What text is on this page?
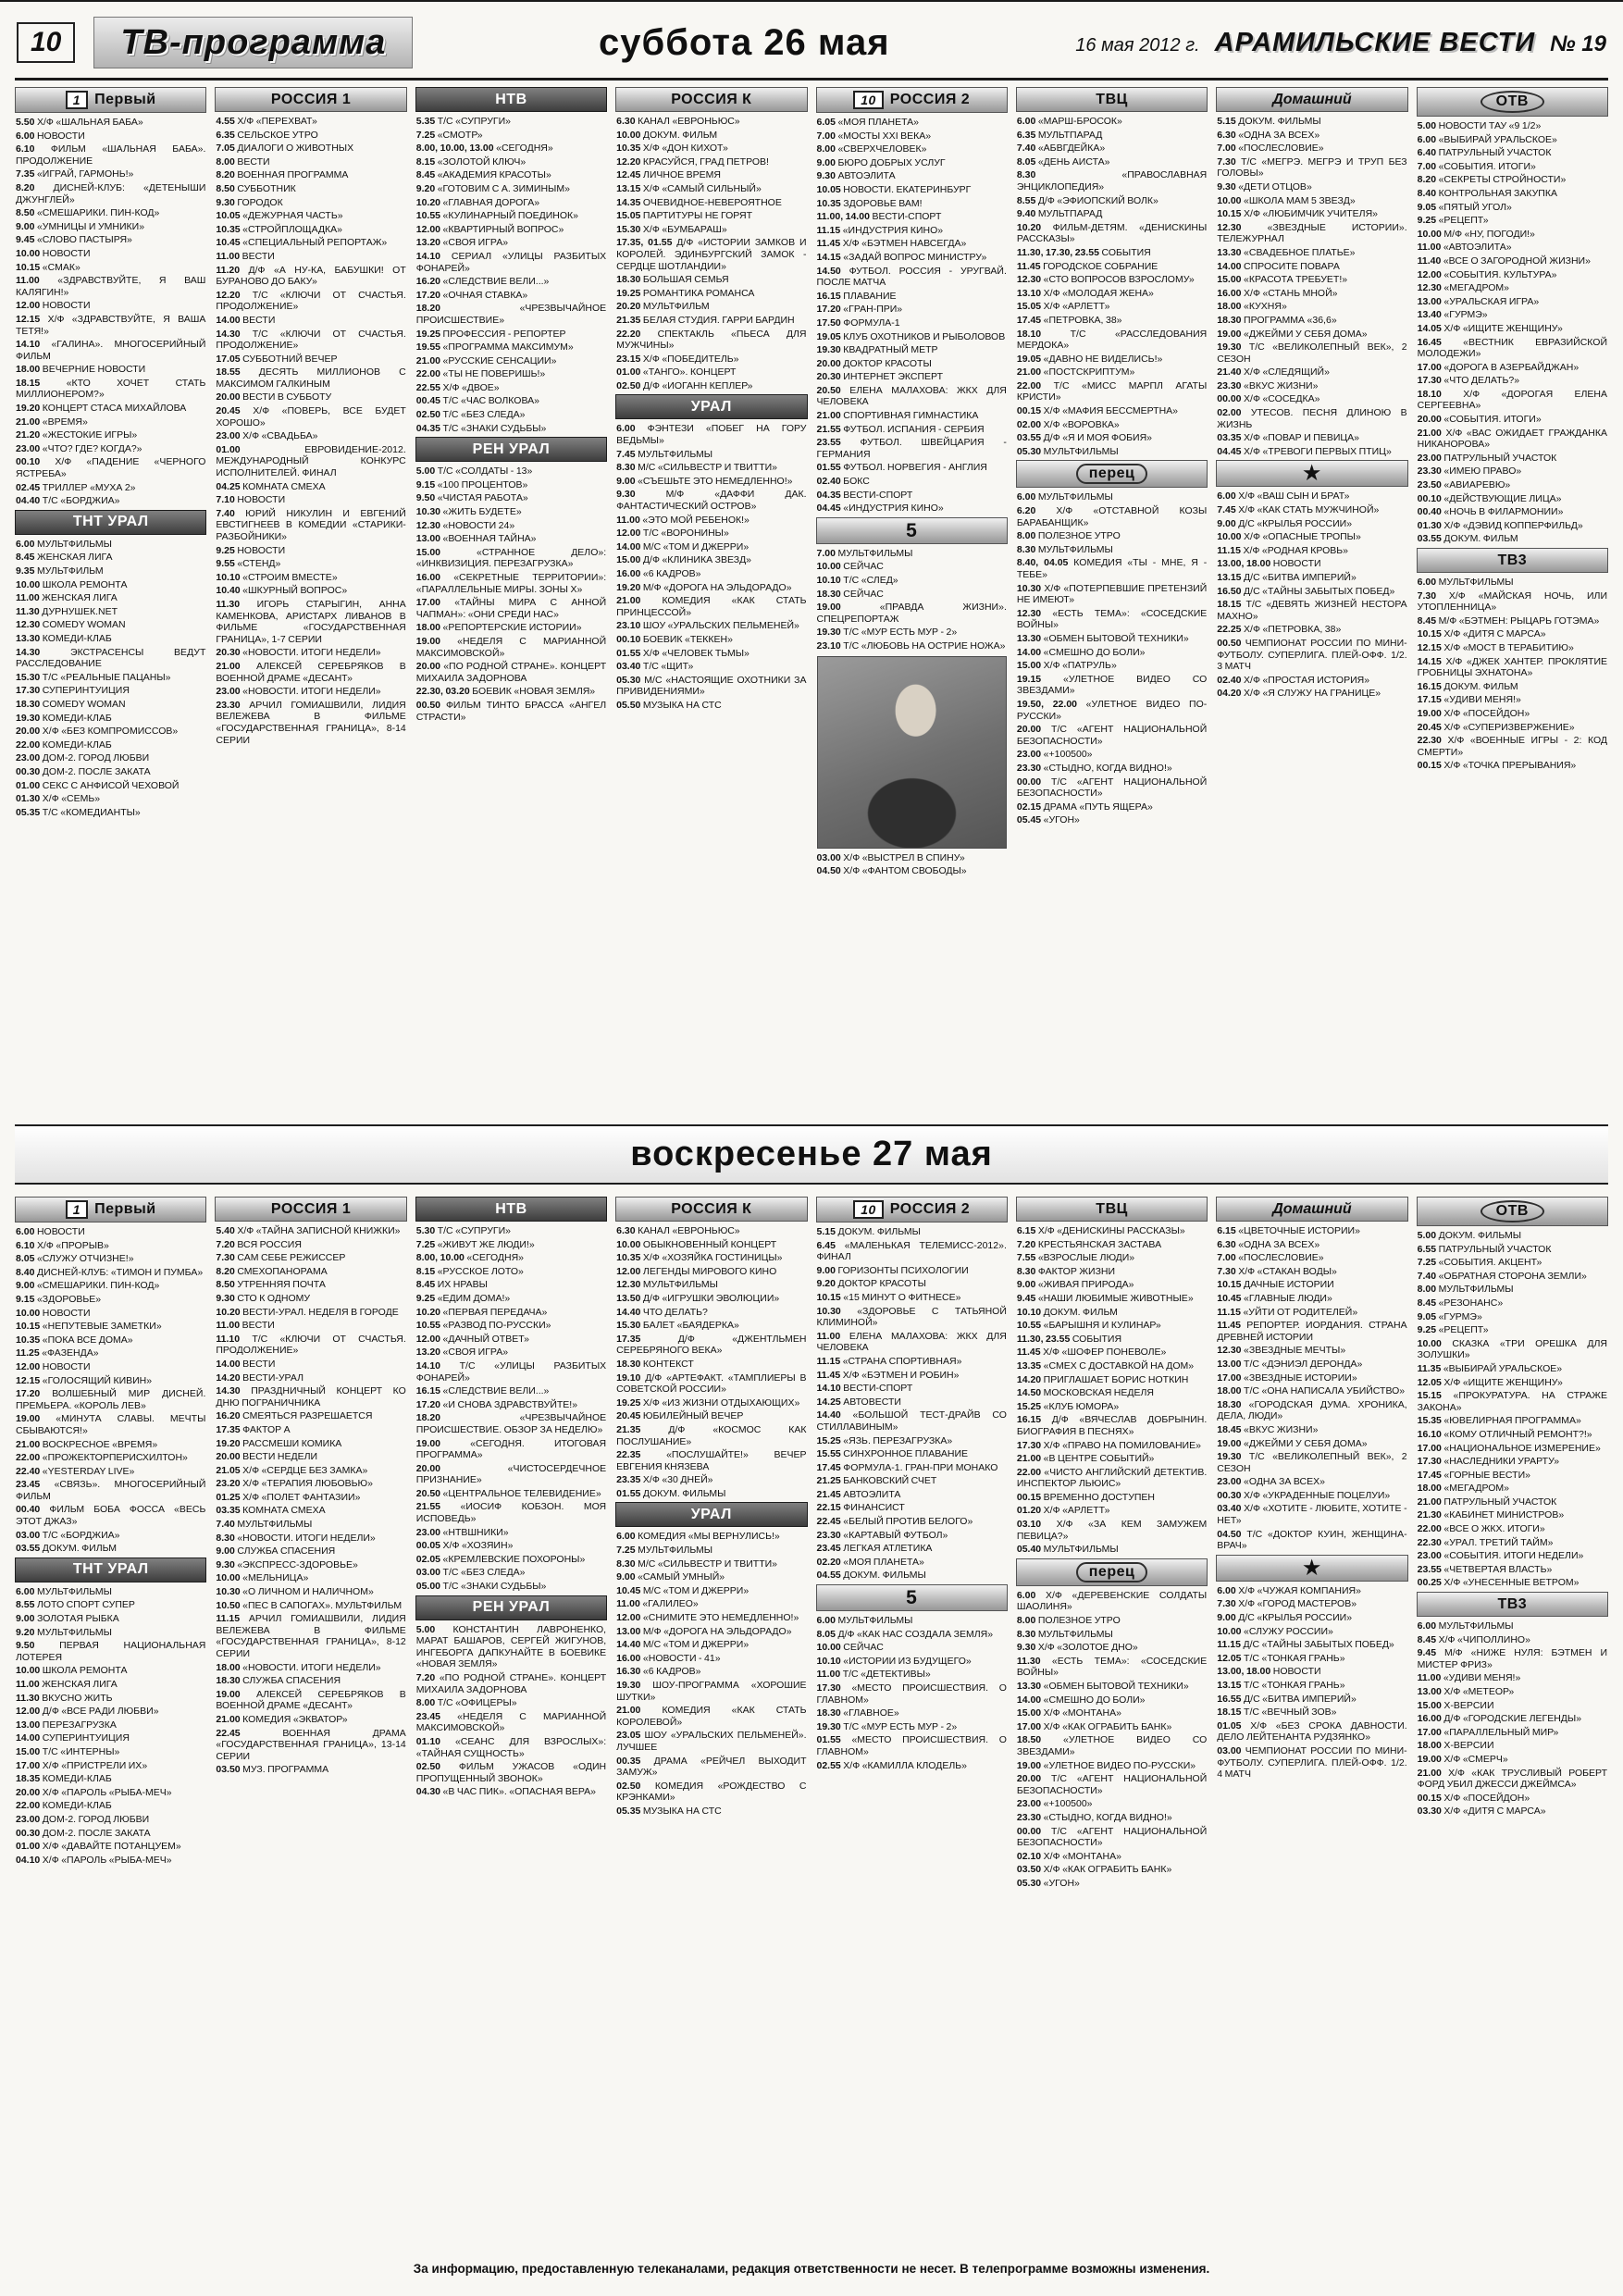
10	ТВ-программа	суббота 26 мая	16 мая 2012 г. АРАМИЛЬСКИЕ ВЕСТИ № 19
1 Первый
5.50 Х/Ф «ШАЛЬНАЯ БАБА»
6.00 НОВОСТИ
6.10 ФИЛЬМ «ШАЛЬНАЯ БАБА». ПРОДОЛЖЕНИЕ
7.35 «ИГРАЙ, ГАРМОНЬ!»
8.20 ДИСНЕЙ-КЛУБ: «ДЕТЕНЫШИ ДЖУНГЛЕЙ»
8.50 «СМЕШАРИКИ. ПИН-КОД»
9.00 «УМНИЦЫ И УМНИКИ»
9.45 «СЛОВО ПАСТЫРЯ»
10.00 НОВОСТИ
10.15 «СМАК»
11.00 «ЗДРАВСТВУЙТЕ, Я ВАШ КАЛЯГИН!»
12.00 НОВОСТИ
12.15 Х/Ф «ЗДРАВСТВУЙТЕ, Я ВАША ТЕТЯ!»
14.10 «ГАЛИНА». МНОГОСЕРИЙНЫЙ ФИЛЬМ
18.00 ВЕЧЕРНИЕ НОВОСТИ
18.15 «КТО ХОЧЕТ СТАТЬ МИЛЛИОНЕРОМ?»
19.20 КОНЦЕРТ СТАСА МИХАЙЛОВА
21.00 «ВРЕМЯ»
21.20 «ЖЕСТОКИЕ ИГРЫ»
23.00 «ЧТО? ГДЕ? КОГДА?»
00.10 Х/Ф «ПАДЕНИЕ «ЧЕРНОГО ЯСТРЕБА»
02.45 ТРИЛЛЕР «МУХА 2»
04.40 Т/С «БОРДЖИА»
ТНТ УРАЛ
6.00 МУЛЬТФИЛЬМЫ
8.45 ЖЕНСКАЯ ЛИГА
9.35 МУЛЬТФИЛЬМ
10.00 ШКОЛА РЕМОНТА
11.00 ЖЕНСКАЯ ЛИГА
11.30 ДУРНУШЕК.NET
12.30 COMEDY WOMAN
13.30 КОМЕДИ-КЛАБ
14.30 ЭКСТРАСЕНСЫ ВЕДУТ РАССЛЕДОВАНИЕ
15.30 Т/С «РЕАЛЬНЫЕ ПАЦАНЫ»
17.30 СУПЕРИНТУИЦИЯ
18.30 COMEDY WOMAN
19.30 КОМЕДИ-КЛАБ
20.00 Х/Ф «БЕЗ КОМПРОМИССОВ»
22.00 КОМЕДИ-КЛАБ
23.00 ДОМ-2. ГОРОД ЛЮБВИ
00.30 ДОМ-2. ПОСЛЕ ЗАКАТА
01.00 СЕКС С АНФИСОЙ ЧЕХОВОЙ
01.30 Х/Ф «СЕМЬ»
05.35 Т/С «КОМЕДИАНТЫ»
РОССИЯ 1
4.55 Х/Ф «ПЕРЕХВАТ»
6.35 СЕЛЬСКОЕ УТРО
7.05 ДИАЛОГИ О ЖИВОТНЫХ
8.00 ВЕСТИ
8.20 ВОЕННАЯ ПРОГРАММА
8.50 СУББОТНИК
9.30 ГОРОДОК
10.05 «ДЕЖУРНАЯ ЧАСТЬ»
10.35 «СТРОЙПЛОЩАДКА»
10.45 «СПЕЦИАЛЬНЫЙ РЕПОРТАЖ»
11.00 ВЕСТИ
11.20 Д/Ф «А НУ-КА, БАБУШКИ! ОТ БУРАНОВО ДО БАКУ»
12.20 Т/С «КЛЮЧИ ОТ СЧАСТЬЯ. ПРОДОЛЖЕНИЕ»
14.00 ВЕСТИ
14.30 Т/С «КЛЮЧИ ОТ СЧАСТЬЯ. ПРОДОЛЖЕНИЕ»
17.05 СУББОТНИЙ ВЕЧЕР
18.55 ДЕСЯТЬ МИЛЛИОНОВ С МАКСИМОМ ГАЛКИНЫМ
20.00 ВЕСТИ В СУББОТУ
20.45 Х/Ф «ПОВЕРЬ, ВСЕ БУДЕТ ХОРОШО»
23.00 Х/Ф «СВАДЬБА»
01.00 ЕВРОВИДЕНИЕ-2012. МЕЖДУНАРОДНЫЙ КОНКУРС ИСПОЛНИТЕЛЕЙ. ФИНАЛ
04.25 КОМНАТА СМЕХА
7.10 НОВОСТИ
7.40 ЮРИЙ НИКУЛИН И ЕВГЕНИЙ ЕВСТИГНЕЕВ В КОМЕДИИ «СТАРИКИ-РАЗБОЙНИКИ»
9.25 НОВОСТИ
9.55 «СТЕНД»
10.10 «СТРОИМ ВМЕСТЕ»
10.40 «ШКУРНЫЙ ВОПРОС»
11.30 ИГОРЬ СТАРЫГИН, АННА КАМЕНКОВА, АРИСТАРХ ЛИВАНОВ В ФИЛЬМЕ «ГОСУДАРСТВЕННАЯ ГРАНИЦА», 1-7 СЕРИИ
20.30 «НОВОСТИ. ИТОГИ НЕДЕЛИ»
21.00 АЛЕКСЕЙ СЕРЕБРЯКОВ В ВОЕННОЙ ДРАМЕ «ДЕСАНТ»
23.00 «НОВОСТИ. ИТОГИ НЕДЕЛИ»
23.30 АРЧИЛ ГОМИАШВИЛИ, ЛИДИЯ ВЕЛЕЖЕВА В ФИЛЬМЕ «ГОСУДАРСТВЕННАЯ ГРАНИЦА», 8-14 СЕРИИ
НТВ
5.35 Т/С «СУПРУГИ»
7.25 «СМОТР»
8.00, 10.00, 13.00 «СЕГОДНЯ»
8.15 «ЗОЛОТОЙ КЛЮЧ»
8.45 «АКАДЕМИЯ КРАСОТЫ»
9.20 «ГОТОВИМ С А. ЗИМИНЫМ»
10.20 «ГЛАВНАЯ ДОРОГА»
10.55 «КУЛИНАРНЫЙ ПОЕДИНОК»
12.00 «КВАРТИРНЫЙ ВОПРОС»
13.20 «СВОЯ ИГРА»
14.10 СЕРИАЛ «УЛИЦЫ РАЗБИТЫХ ФОНАРЕЙ»
16.20 «СЛЕДСТВИЕ ВЕЛИ...»
17.20 «ОЧНАЯ СТАВКА»
18.20 «ЧРЕЗВЫЧАЙНОЕ ПРОИСШЕСТВИЕ»
19.25 ПРОФЕССИЯ - РЕПОРТЕР
19.55 «ПРОГРАММА МАКСИМУМ»
21.00 «РУССКИЕ СЕНСАЦИИ»
22.00 «ТЫ НЕ ПОВЕРИШЬ!»
22.55 Х/Ф «ДВОЕ»
00.45 Т/С «ЧАС ВОЛКОВА»
02.50 Т/С «БЕЗ СЛЕДА»
04.35 Т/С «ЗНАКИ СУДЬБЫ»
РЕН УРАЛ
5.00 Т/С «СОЛДАТЫ - 13»
9.15 «100 ПРОЦЕНТОВ»
9.50 «ЧИСТАЯ РАБОТА»
10.30 «ЖИТЬ БУДЕТЕ»
12.30 «НОВОСТИ 24»
13.00 «ВОЕННАЯ ТАЙНА»
15.00 «СТРАННОЕ ДЕЛО»: «ИНКВИЗИЦИЯ. ПЕРЕЗАГРУЗКА»
16.00 «СЕКРЕТНЫЕ ТЕРРИТОРИИ»: «ПАРАЛЛЕЛЬНЫЕ МИРЫ. ЗОНЫ Х»
17.00 «ТАЙНЫ МИРА С АННОЙ ЧАПМАН»: «ОНИ СРЕДИ НАС»
18.00 «РЕПОРТЕРСКИЕ ИСТОРИИ»
19.00 «НЕДЕЛЯ С МАРИАННОЙ МАКСИМОВСКОЙ»
20.00 «ПО РОДНОЙ СТРАНЕ». КОНЦЕРТ МИХАИЛА ЗАДОРНОВА
22.30, 03.20 БОЕВИК «НОВАЯ ЗЕМЛЯ»
00.50 ФИЛЬМ ТИНТО БРАССА «АНГЕЛ СТРАСТИ»
РОССИЯ К
6.30 КАНАЛ «ЕВРОНЬЮС»
10.00 ДОКУМ. ФИЛЬМ
10.35 Х/Ф «ДОН КИХОТ»
12.20 КРАСУЙСЯ, ГРАД ПЕТРОВ!
12.45 ЛИЧНОЕ ВРЕМЯ
13.15 Х/Ф «САМЫЙ СИЛЬНЫЙ»
14.35 ОЧЕВИДНОЕ-НЕВЕРОЯТНОЕ
15.05 ПАРТИТУРЫ НЕ ГОРЯТ
15.30 Х/Ф «БУМБАРАШ»
17.35, 01.55 Д/Ф «ИСТОРИИ ЗАМКОВ И КОРОЛЕЙ. ЭДИНБУРГСКИЙ ЗАМОК - СЕРДЦЕ ШОТЛАНДИИ»
18.30 БОЛЬШАЯ СЕМЬЯ
19.25 РОМАНТИКА РОМАНСА
20.20 МУЛЬТФИЛЬМ
21.35 БЕЛАЯ СТУДИЯ. ГАРРИ БАРДИН
22.20 СПЕКТАКЛЬ «ПЬЕСА ДЛЯ МУЖЧИНЫ»
23.15 Х/Ф «ПОБЕДИТЕЛЬ»
01.00 «ТАНГО». КОНЦЕРТ
02.50 Д/Ф «ИОГАНН КЕПЛЕР»
УРАЛ
6.00 ФЭНТЕЗИ «ПОБЕГ НА ГОРУ ВЕДЬМЫ»
7.45 МУЛЬТФИЛЬМЫ
8.30 М/С «СИЛЬВЕСТР И ТВИТТИ»
9.00 «СЪЕШЬТЕ ЭТО НЕМЕДЛЕННО!»
9.30 М/Ф «ДАФФИ ДАК. ФАНТАСТИЧЕСКИЙ ОСТРОВ»
11.00 «ЭТО МОЙ РЕБЕНОК!»
12.00 Т/С «ВОРОНИНЫ»
14.00 М/С «ТОМ И ДЖЕРРИ»
15.00 Д/Ф «КЛИНИКА ЗВЕЗД»
16.00 «6 КАДРОВ»
19.20 М/Ф «ДОРОГА НА ЭЛЬДОРАДО»
21.00 КОМЕДИЯ «КАК СТАТЬ ПРИНЦЕССОЙ»
23.10 ШОУ «УРАЛЬСКИХ ПЕЛЬМЕНЕЙ»
00.10 БОЕВИК «ТЕККЕН»
01.55 Х/Ф «ЧЕЛОВЕК ТЬМЫ»
03.40 Т/С «ЩИТ»
05.30 М/С «НАСТОЯЩИЕ ОХОТНИКИ ЗА ПРИВИДЕНИЯМИ»
05.50 МУЗЫКА НА СТС
10 РОССИЯ 2
6.05 «МОЯ ПЛАНЕТА»
7.00 «МОСТЫ XXI ВЕКА»
8.00 «СВЕРХЧЕЛОВЕК»
9.00 БЮРО ДОБРЫХ УСЛУГ
9.30 АВТОЭЛИТА
10.05 НОВОСТИ. ЕКАТЕРИНБУРГ
10.35 ЗДОРОВЬЕ ВАМ!
11.00, 14.00 ВЕСТИ-СПОРТ
11.15 «ИНДУСТРИЯ КИНО»
11.45 Х/Ф «БЭТМЕН НАВСЕГДА»
14.15 «ЗАДАЙ ВОПРОС МИНИСТРУ»
14.50 ФУТБОЛ. РОССИЯ - УРУГВАЙ. ПОСЛЕ МАТЧА
16.15 ПЛАВАНИЕ
17.20 «ГРАН-ПРИ»
17.50 ФОРМУЛА-1
19.05 КЛУБ ОХОТНИКОВ И РЫБОЛОВОВ
19.30 КВАДРАТНЫЙ МЕТР
20.00 ДОКТОР КРАСОТЫ
20.30 ИНТЕРНЕТ ЭКСПЕРТ
20.50 ЕЛЕНА МАЛАХОВА: ЖКХ ДЛЯ ЧЕЛОВЕКА
21.00 СПОРТИВНАЯ ГИМНАСТИКА
21.55 ФУТБОЛ. ИСПАНИЯ - СЕРБИЯ
23.55 ФУТБОЛ. ШВЕЙЦАРИЯ - ГЕРМАНИЯ
01.55 ФУТБОЛ. НОРВЕГИЯ - АНГЛИЯ
02.40 БОКС
04.35 ВЕСТИ-СПОРТ
04.45 «ИНДУСТРИЯ КИНО»
5
7.00 МУЛЬТФИЛЬМЫ
10.00 СЕЙЧАС
10.10 Т/С «СЛЕД»
18.30 СЕЙЧАС
19.00 «ПРАВДА ЖИЗНИ». СПЕЦРЕПОРТАЖ
19.30 Т/С «МУР ЕСТЬ МУР - 2»
23.10 Т/С «ЛЮБОВЬ НА ОСТРИЕ НОЖА»
03.00 Х/Ф «ВЫСТРЕЛ В СПИНУ»
04.50 Х/Ф «ФАНТОМ СВОБОДЫ»
ТВЦ
6.00 «МАРШ-БРОСОК»
6.35 МУЛЬТПАРАД
7.40 «АБВГДЕЙКА»
8.05 «ДЕНЬ АИСТА»
8.30 «ПРАВОСЛАВНАЯ ЭНЦИКЛОПЕДИЯ»
8.55 Д/Ф «ЭФИОПСКИЙ ВОЛК»
9.40 МУЛЬТПАРАД
10.20 ФИЛЬМ-ДЕТЯМ. «ДЕНИСКИНЫ РАССКАЗЫ»
11.30, 17.30, 23.55 СОБЫТИЯ
11.45 ГОРОДСКОЕ СОБРАНИЕ
12.30 «СТО ВОПРОСОВ ВЗРОСЛОМУ»
13.10 Х/Ф «МОЛОДАЯ ЖЕНА»
15.05 Х/Ф «АРЛЕТТ»
17.45 «ПЕТРОВКА, 38»
18.10 Т/С «РАССЛЕДОВАНИЯ МЕРДОКА»
19.05 «ДАВНО НЕ ВИДЕЛИСЬ!»
21.00 «ПОСТСКРИПТУМ»
22.00 Т/С «МИСС МАРПЛ АГАТЫ КРИСТИ»
00.15 Х/Ф «МАФИЯ БЕССМЕРТНА»
02.00 Х/Ф «ВОРОВКА»
03.55 Д/Ф «Я И МОЯ ФОБИЯ»
05.30 МУЛЬТФИЛЬМЫ
перец
6.00 МУЛЬТФИЛЬМЫ
6.20 Х/Ф «ОТСТАВНОЙ КОЗЫ БАРАБАНЩИК»
8.00 ПОЛЕЗНОЕ УТРО
8.30 МУЛЬТФИЛЬМЫ
8.40, 04.05 КОМЕДИЯ «ТЫ - МНЕ, Я - ТЕБЕ»
10.30 Х/Ф «ПОТЕРПЕВШИЕ ПРЕТЕНЗИЙ НЕ ИМЕЮТ»
12.30 «ЕСТЬ ТЕМА»: «СОСЕДСКИЕ ВОЙНЫ»
13.30 «ОБМЕН БЫТОВОЙ ТЕХНИКИ»
14.00 «СМЕШНО ДО БОЛИ»
15.00 Х/Ф «ПАТРУЛЬ»
19.15 «УЛЕТНОЕ ВИДЕО СО ЗВЕЗДАМИ»
19.50, 22.00 «УЛЕТНОЕ ВИДЕО ПО-РУССКИ»
20.00 Т/С «АГЕНТ НАЦИОНАЛЬНОЙ БЕЗОПАСНОСТИ»
23.00 «+100500»
23.30 «СТЫДНО, КОГДА ВИДНО!»
00.00 Т/С «АГЕНТ НАЦИОНАЛЬНОЙ БЕЗОПАСНОСТИ»
02.15 ДРАМА «ПУТЬ ЯЩЕРА»
05.45 «УГОН»
Домашний
5.15 ДОКУМ. ФИЛЬМЫ
6.30 «ОДНА ЗА ВСЕХ»
7.00 «ПОСЛЕСЛОВИЕ»
7.30 Т/С «МЕГРЭ. МЕГРЭ И ТРУП БЕЗ ГОЛОВЫ»
9.30 «ДЕТИ ОТЦОВ»
10.00 «ШКОЛА МАМ 5 ЗВЕЗД»
10.15 Х/Ф «ЛЮБИМЧИК УЧИТЕЛЯ»
12.30 «ЗВЕЗДНЫЕ ИСТОРИИ». ТЕЛЕЖУРНАЛ
13.30 «СВАДЕБНОЕ ПЛАТЬЕ»
14.00 СПРОСИТЕ ПОВАРА
15.00 «КРАСОТА ТРЕБУЕТ!»
16.00 Х/Ф «СТАНЬ МНОЙ»
18.00 «КУХНЯ»
18.30 ПРОГРАММА «36,6»
19.00 «ДЖЕЙМИ У СЕБЯ ДОМА»
19.30 Т/С «ВЕЛИКОЛЕПНЫЙ ВЕК», 2 СЕЗОН
21.40 Х/Ф «СЛЕДЯЩИЙ»
23.30 «ВКУС ЖИЗНИ»
00.00 Х/Ф «СОСЕДКА»
02.00 УТЕСОВ. ПЕСНЯ ДЛИНОЮ В ЖИЗНЬ
03.35 Х/Ф «ПОВАР И ПЕВИЦА»
04.45 Х/Ф «ТРЕВОГИ ПЕРВЫХ ПТИЦ»
★
6.00 Х/Ф «ВАШ СЫН И БРАТ»
7.45 Х/Ф «КАК СТАТЬ МУЖЧИНОЙ»
9.00 Д/С «КРЫЛЬЯ РОССИИ»
10.00 Х/Ф «ОПАСНЫЕ ТРОПЫ»
11.15 Х/Ф «РОДНАЯ КРОВЬ»
13.00, 18.00 НОВОСТИ
13.15 Д/С «БИТВА ИМПЕРИЙ»
16.50 Д/С «ТАЙНЫ ЗАБЫТЫХ ПОБЕД»
18.15 Т/С «ДЕВЯТЬ ЖИЗНЕЙ НЕСТОРА МАХНО»
22.25 Х/Ф «ПЕТРОВКА, 38»
00.50 ЧЕМПИОНАТ РОССИИ ПО МИНИ-ФУТБОЛУ. СУПЕРЛИГА. ПЛЕЙ-ОФФ. 1/2. 3 МАТЧ
02.40 Х/Ф «ПРОСТАЯ ИСТОРИЯ»
04.20 Х/Ф «Я СЛУЖУ НА ГРАНИЦЕ»
ОТВ
5.00 НОВОСТИ ТАУ «9 1/2»
6.00 «ВЫБИРАЙ УРАЛЬСКОЕ»
6.40 ПАТРУЛЬНЫЙ УЧАСТОК
7.00 «СОБЫТИЯ. ИТОГИ»
8.20 «СЕКРЕТЫ СТРОЙНОСТИ»
8.40 КОНТРОЛЬНАЯ ЗАКУПКА
9.05 «ПЯТЫЙ УГОЛ»
9.25 «РЕЦЕПТ»
10.00 М/Ф «НУ, ПОГОДИ!»
11.00 «АВТОЭЛИТА»
11.40 «ВСЕ О ЗАГОРОДНОЙ ЖИЗНИ»
12.00 «СОБЫТИЯ. КУЛЬТУРА»
12.30 «МЕГАДРОМ»
13.00 «УРАЛЬСКАЯ ИГРА»
13.40 «ГУРМЭ»
14.05 Х/Ф «ИЩИТЕ ЖЕНЩИНУ»
16.45 «ВЕСТНИК ЕВРАЗИЙСКОЙ МОЛОДЕЖИ»
17.00 «ДОРОГА В АЗЕРБАЙДЖАН»
17.30 «ЧТО ДЕЛАТЬ?»
18.10 Х/Ф «ДОРОГАЯ ЕЛЕНА СЕРГЕЕВНА»
20.00 «СОБЫТИЯ. ИТОГИ»
21.00 Х/Ф «ВАС ОЖИДАЕТ ГРАЖДАНКА НИКАНОРОВА»
23.00 ПАТРУЛЬНЫЙ УЧАСТОК
23.30 «ИМЕЮ ПРАВО»
23.50 «АВИАРЕВЮ»
00.10 «ДЕЙСТВУЮЩИЕ ЛИЦА»
00.40 «НОЧЬ В ФИЛАРМОНИИ»
01.30 Х/Ф «ДЭВИД КОППЕРФИЛЬД»
03.55 ДОКУМ. ФИЛЬМ
ТВ3
6.00 МУЛЬТФИЛЬМЫ
7.30 Х/Ф «МАЙСКАЯ НОЧЬ, ИЛИ УТОПЛЕННИЦА»
8.45 М/Ф «БЭТМЕН: РЫЦАРЬ ГОТЭМА»
10.15 Х/Ф «ДИТЯ С МАРСА»
12.15 Х/Ф «МОСТ В ТЕРАБИТИЮ»
14.15 Х/Ф «ДЖЕК ХАНТЕР. ПРОКЛЯТИЕ ГРОБНИЦЫ ЭХНАТОНА»
16.15 ДОКУМ. ФИЛЬМ
17.15 «УДИВИ МЕНЯ!»
19.00 Х/Ф «ПОСЕЙДОН»
20.45 Х/Ф «СУПЕРИЗВЕРЖЕНИЕ»
22.30 Х/Ф «ВОЕННЫЕ ИГРЫ - 2: КОД СМЕРТИ»
00.15 Х/Ф «ТОЧКА ПРЕРЫВАНИЯ»
воскресенье 27 мая
1 Первый
6.00 НОВОСТИ
6.10 Х/Ф «ПРОРЫВ»
8.05 «СЛУЖУ ОТЧИЗНЕ!»
8.40 ДИСНЕЙ-КЛУБ: «ТИМОН И ПУМБА»
9.00 «СМЕШАРИКИ. ПИН-КОД»
9.15 «ЗДОРОВЬЕ»
10.00 НОВОСТИ
10.15 «НЕПУТЕВЫЕ ЗАМЕТКИ»
10.35 «ПОКА ВСЕ ДОМА»
11.25 «ФАЗЕНДА»
12.00 НОВОСТИ
12.15 «ГОЛОСЯЩИЙ КИВИН»
17.20 ВОЛШЕБНЫЙ МИР ДИСНЕЙ. ПРЕМЬЕРА. «КОРОЛЬ ЛЕВ»
19.00 «МИНУТА СЛАВЫ. МЕЧТЫ СБЫВАЮТСЯ!»
21.00 ВОСКРЕСНОЕ «ВРЕМЯ»
22.00 «ПРОЖЕКТОРПЕРИСХИЛТОН»
22.40 «YESTERDAY LIVE»
23.45 «СВЯЗЬ». МНОГОСЕРИЙНЫЙ ФИЛЬМ
00.40 ФИЛЬМ БОБА ФОССА «ВЕСЬ ЭТОТ ДЖАЗ»
03.00 Т/С «БОРДЖИА»
03.55 ДОКУМ. ФИЛЬМ
ТНТ УРАЛ
6.00 МУЛЬТФИЛЬМЫ
8.55 ЛОТО СПОРТ СУПЕР
9.00 ЗОЛОТАЯ РЫБКА
9.20 МУЛЬТФИЛЬМЫ
9.50 ПЕРВАЯ НАЦИОНАЛЬНАЯ ЛОТЕРЕЯ
10.00 ШКОЛА РЕМОНТА
11.00 ЖЕНСКАЯ ЛИГА
11.30 ВКУСНО ЖИТЬ
12.00 Д/Ф «ВСЕ РАДИ ЛЮБВИ»
13.00 ПЕРЕЗАГРУЗКА
14.00 СУПЕРИНТУИЦИЯ
15.00 Т/С «ИНТЕРНЫ»
17.00 Х/Ф «ПРИСТРЕЛИ ИХ»
18.35 КОМЕДИ-КЛАБ
20.00 Х/Ф «ПАРОЛЬ «РЫБА-МЕЧ»
22.00 КОМЕДИ-КЛАБ
23.00 ДОМ-2. ГОРОД ЛЮБВИ
00.30 ДОМ-2. ПОСЛЕ ЗАКАТА
01.00 Х/Ф «ДАВАЙТЕ ПОТАНЦУЕМ»
04.10 Х/Ф «ПАРОЛЬ «РЫБА-МЕЧ»
РОССИЯ 1
5.40 Х/Ф «ТАЙНА ЗАПИСНОЙ КНИЖКИ»
7.20 ВСЯ РОССИЯ
7.30 САМ СЕБЕ РЕЖИССЕР
8.20 СМЕХОПАНОРАМА
8.50 УТРЕННЯЯ ПОЧТА
9.30 СТО К ОДНОМУ
10.20 ВЕСТИ-УРАЛ. НЕДЕЛЯ В ГОРОДЕ
11.00 ВЕСТИ
11.10 Т/С «КЛЮЧИ ОТ СЧАСТЬЯ. ПРОДОЛЖЕНИЕ»
14.00 ВЕСТИ
14.20 ВЕСТИ-УРАЛ
14.30 ПРАЗДНИЧНЫЙ КОНЦЕРТ КО ДНЮ ПОГРАНИЧНИКА
16.20 СМЕЯТЬСЯ РАЗРЕШАЕТСЯ
17.35 ФАКТОР А
19.20 РАССМЕШИ КОМИКА
20.00 ВЕСТИ НЕДЕЛИ
21.05 Х/Ф «СЕРДЦЕ БЕЗ ЗАМКА»
23.20 Х/Ф «ТЕРАПИЯ ЛЮБОВЬЮ»
01.25 Х/Ф «ПОЛЕТ ФАНТАЗИИ»
03.35 КОМНАТА СМЕХА
7.40 МУЛЬТФИЛЬМЫ
8.30 «НОВОСТИ. ИТОГИ НЕДЕЛИ»
9.00 СЛУЖБА СПАСЕНИЯ
9.30 «ЭКСПРЕСС-ЗДОРОВЬЕ»
10.00 «МЕЛЬНИЦА»
10.30 «О ЛИЧНОМ И НАЛИЧНОМ»
10.50 «ПЕС В САПОГАХ». МУЛЬТФИЛЬМ
11.15 АРЧИЛ ГОМИАШВИЛИ, ЛИДИЯ ВЕЛЕЖЕВА В ФИЛЬМЕ «ГОСУДАРСТВЕННАЯ ГРАНИЦА», 8-12 СЕРИИ
18.00 «НОВОСТИ. ИТОГИ НЕДЕЛИ»
18.30 СЛУЖБА СПАСЕНИЯ
19.00 АЛЕКСЕЙ СЕРЕБРЯКОВ В ВОЕННОЙ ДРАМЕ «ДЕСАНТ»
21.00 КОМЕДИЯ «ЭКВАТОР»
22.45 ВОЕННАЯ ДРАМА «ГОСУДАРСТВЕННАЯ ГРАНИЦА», 13-14 СЕРИИ
03.50 МУЗ. ПРОГРАММА
НТВ
5.30 Т/С «СУПРУГИ»
7.25 «ЖИВУТ ЖЕ ЛЮДИ!»
8.00, 10.00 «СЕГОДНЯ»
8.15 «РУССКОЕ ЛОТО»
8.45 ИХ НРАВЫ
9.25 «ЕДИМ ДОМА!»
10.20 «ПЕРВАЯ ПЕРЕДАЧА»
10.55 «РАЗВОД ПО-РУССКИ»
12.00 «ДАЧНЫЙ ОТВЕТ»
13.20 «СВОЯ ИГРА»
14.10 Т/С «УЛИЦЫ РАЗБИТЫХ ФОНАРЕЙ»
16.15 «СЛЕДСТВИЕ ВЕЛИ...»
17.20 «И СНОВА ЗДРАВСТВУЙТЕ!»
18.20 «ЧРЕЗВЫЧАЙНОЕ ПРОИСШЕСТВИЕ. ОБЗОР ЗА НЕДЕЛЮ»
19.00 «СЕГОДНЯ. ИТОГОВАЯ ПРОГРАММА»
20.00 «ЧИСТОСЕРДЕЧНОЕ ПРИЗНАНИЕ»
20.50 «ЦЕНТРАЛЬНОЕ ТЕЛЕВИДЕНИЕ»
21.55 «ИОСИФ КОБЗОН. МОЯ ИСПОВЕДЬ»
23.00 «НТВШНИКИ»
00.05 Х/Ф «ХОЗЯИН»
02.05 «КРЕМЛЕВСКИЕ ПОХОРОНЫ»
03.00 Т/С «БЕЗ СЛЕДА»
05.00 Т/С «ЗНАКИ СУДЬБЫ»
РЕН УРАЛ
5.00 КОНСТАНТИН ЛАВРОНЕНКО, МАРАТ БАШАРОВ, СЕРГЕЙ ЖИГУНОВ, ИНГЕБОРГА ДАПКУНАЙТЕ В БОЕВИКЕ «НОВАЯ ЗЕМЛЯ»
7.20 «ПО РОДНОЙ СТРАНЕ». КОНЦЕРТ МИХАИЛА ЗАДОРНОВА
8.00 Т/С «ОФИЦЕРЫ»
23.45 «НЕДЕЛЯ С МАРИАННОЙ МАКСИМОВСКОЙ»
01.10 «СЕАНС ДЛЯ ВЗРОСЛЫХ»: «ТАЙНАЯ СУЩНОСТЬ»
02.50 ФИЛЬМ УЖАСОВ «ОДИН ПРОПУЩЕННЫЙ ЗВОНОК»
04.30 «В ЧАС ПИК». «ОПАСНАЯ ВЕРА»
РОССИЯ К
6.30 КАНАЛ «ЕВРОНЬЮС»
10.00 ОБЫКНОВЕННЫЙ КОНЦЕРТ
10.35 Х/Ф «ХОЗЯЙКА ГОСТИНИЦЫ»
12.00 ЛЕГЕНДЫ МИРОВОГО КИНО
12.30 МУЛЬТФИЛЬМЫ
13.50 Д/Ф «ИГРУШКИ ЭВОЛЮЦИИ»
14.40 ЧТО ДЕЛАТЬ?
15.30 БАЛЕТ «БАЯДЕРКА»
17.35 Д/Ф «ДЖЕНТЛЬМЕН СЕРЕБРЯНОГО ВЕКА»
18.30 КОНТЕКСТ
19.10 Д/Ф «АРТЕФАКТ. «ТАМПЛИЕРЫ В СОВЕТСКОЙ РОССИИ»
19.25 Х/Ф «ИЗ ЖИЗНИ ОТДЫХАЮЩИХ»
20.45 ЮБИЛЕЙНЫЙ ВЕЧЕР
21.35 Д/Ф «КОСМОС КАК ПОСЛУШАНИЕ»
22.35 «ПОСЛУШАЙТЕ!» ВЕЧЕР ЕВГЕНИЯ КНЯЗЕВА
23.35 Х/Ф «30 ДНЕЙ»
01.55 ДОКУМ. ФИЛЬМЫ
УРАЛ
6.00 КОМЕДИЯ «МЫ ВЕРНУЛИСЬ!»
7.25 МУЛЬТФИЛЬМЫ
8.30 М/С «СИЛЬВЕСТР И ТВИТТИ»
9.00 «САМЫЙ УМНЫЙ»
10.45 М/С «ТОМ И ДЖЕРРИ»
11.00 «ГАЛИЛЕО»
12.00 «СНИМИТЕ ЭТО НЕМЕДЛЕННО!»
13.00 М/Ф «ДОРОГА НА ЭЛЬДОРАДО»
14.40 М/С «ТОМ И ДЖЕРРИ»
16.00 «НОВОСТИ - 41»
16.30 «6 КАДРОВ»
19.30 ШОУ-ПРОГРАММА «ХОРОШИЕ ШУТКИ»
21.00 КОМЕДИЯ «КАК СТАТЬ КОРОЛЕВОЙ»
23.05 ШОУ «УРАЛЬСКИХ ПЕЛЬМЕНЕЙ». ЛУЧШЕЕ
00.35 ДРАМА «РЕЙЧЕЛ ВЫХОДИТ ЗАМУЖ»
02.50 КОМЕДИЯ «РОЖДЕСТВО С КРЭНКАМИ»
05.35 МУЗЫКА НА СТС
10 РОССИЯ 2
5.15 ДОКУМ. ФИЛЬМЫ
6.45 «МАЛЕНЬКАЯ ТЕЛЕМИСС-2012». ФИНАЛ
9.00 ГОРИЗОНТЫ ПСИХОЛОГИИ
9.20 ДОКТОР КРАСОТЫ
10.15 «15 МИНУТ О ФИТНЕСЕ»
10.30 «ЗДОРОВЬЕ С ТАТЬЯНОЙ КЛИМИНОЙ»
11.00 ЕЛЕНА МАЛАХОВА: ЖКХ ДЛЯ ЧЕЛОВЕКА
11.15 «СТРАНА СПОРТИВНАЯ»
11.45 Х/Ф «БЭТМЕН И РОБИН»
14.10 ВЕСТИ-СПОРТ
14.25 АВТОВЕСТИ
14.40 «БОЛЬШОЙ ТЕСТ-ДРАЙВ СО СТИЛЛАВИНЫМ»
15.25 «ЯЗЬ. ПЕРЕЗАГРУЗКА»
15.55 СИНХРОННОЕ ПЛАВАНИЕ
17.45 ФОРМУЛА-1. ГРАН-ПРИ МОНАКО
21.25 БАНКОВСКИЙ СЧЕТ
21.45 АВТОЭЛИТА
22.15 ФИНАНСИСТ
22.45 «БЕЛЫЙ ПРОТИВ БЕЛОГО»
23.30 «КАРТАВЫЙ ФУТБОЛ»
23.45 ЛЕГКАЯ АТЛЕТИКА
02.20 «МОЯ ПЛАНЕТА»
04.55 ДОКУМ. ФИЛЬМЫ
5
6.00 МУЛЬТФИЛЬМЫ
8.05 Д/Ф «КАК НАС СОЗДАЛА ЗЕМЛЯ»
10.00 СЕЙЧАС
10.10 «ИСТОРИИ ИЗ БУДУЩЕГО»
11.00 Т/С «ДЕТЕКТИВЫ»
17.30 «МЕСТО ПРОИСШЕСТВИЯ. О ГЛАВНОМ»
18.30 «ГЛАВНОЕ»
19.30 Т/С «МУР ЕСТЬ МУР - 2»
01.55 «МЕСТО ПРОИСШЕСТВИЯ. О ГЛАВНОМ»
02.55 Х/Ф «КАМИЛЛА КЛОДЕЛЬ»
ТВЦ
6.15 Х/Ф «ДЕНИСКИНЫ РАССКАЗЫ»
7.20 КРЕСТЬЯНСКАЯ ЗАСТАВА
7.55 «ВЗРОСЛЫЕ ЛЮДИ»
8.30 ФАКТОР ЖИЗНИ
9.00 «ЖИВАЯ ПРИРОДА»
9.45 «НАШИ ЛЮБИМЫЕ ЖИВОТНЫЕ»
10.10 ДОКУМ. ФИЛЬМ
10.55 «БАРЫШНЯ И КУЛИНАР»
11.30, 23.55 СОБЫТИЯ
11.45 Х/Ф «ШОФЕР ПОНЕВОЛЕ»
13.35 «СМЕХ С ДОСТАВКОЙ НА ДОМ»
14.20 ПРИГЛАШАЕТ БОРИС НОТКИН
14.50 МОСКОВСКАЯ НЕДЕЛЯ
15.25 «КЛУБ ЮМОРА»
16.15 Д/Ф «ВЯЧЕСЛАВ ДОБРЫНИН. БИОГРАФИЯ В ПЕСНЯХ»
17.30 Х/Ф «ПРАВО НА ПОМИЛОВАНИЕ»
21.00 «В ЦЕНТРЕ СОБЫТИЙ»
22.00 «ЧИСТО АНГЛИЙСКИЙ ДЕТЕКТИВ. ИНСПЕКТОР ЛЬЮИС»
00.15 ВРЕМЕННО ДОСТУПЕН
01.20 Х/Ф «АРЛЕТТ»
03.10 Х/Ф «ЗА КЕМ ЗАМУЖЕМ ПЕВИЦА?»
05.40 МУЛЬТФИЛЬМЫ
перец
6.00 Х/Ф «ДЕРЕВЕНСКИЕ СОЛДАТЫ ШАОЛИНЯ»
8.00 ПОЛЕЗНОЕ УТРО
8.30 МУЛЬТФИЛЬМЫ
9.30 Х/Ф «ЗОЛОТОЕ ДНО»
11.30 «ЕСТЬ ТЕМА»: «СОСЕДСКИЕ ВОЙНЫ»
13.30 «ОБМЕН БЫТОВОЙ ТЕХНИКИ»
14.00 «СМЕШНО ДО БОЛИ»
15.00 Х/Ф «МОНТАНА»
17.00 Х/Ф «КАК ОГРАБИТЬ БАНК»
18.50 «УЛЕТНОЕ ВИДЕО СО ЗВЕЗДАМИ»
19.00 «УЛЕТНОЕ ВИДЕО ПО-РУССКИ»
20.00 Т/С «АГЕНТ НАЦИОНАЛЬНОЙ БЕЗОПАСНОСТИ»
23.00 «+100500»
23.30 «СТЫДНО, КОГДА ВИДНО!»
00.00 Т/С «АГЕНТ НАЦИОНАЛЬНОЙ БЕЗОПАСНОСТИ»
02.10 Х/Ф «МОНТАНА»
03.50 Х/Ф «КАК ОГРАБИТЬ БАНК»
05.30 «УГОН»
Домашний
6.15 «ЦВЕТОЧНЫЕ ИСТОРИИ»
6.30 «ОДНА ЗА ВСЕХ»
7.00 «ПОСЛЕСЛОВИЕ»
7.30 Х/Ф «СТАКАН ВОДЫ»
10.15 ДАЧНЫЕ ИСТОРИИ
10.45 «ГЛАВНЫЕ ЛЮДИ»
11.15 «УЙТИ ОТ РОДИТЕЛЕЙ»
11.45 РЕПОРТЕР. ИОРДАНИЯ. СТРАНА ДРЕВНЕЙ ИСТОРИИ
12.30 «ЗВЕЗДНЫЕ МЕЧТЫ»
13.00 Т/С «ДЭНИЭЛ ДЕРОНДА»
17.00 «ЗВЕЗДНЫЕ ИСТОРИИ»
18.00 Т/С «ОНА НАПИСАЛА УБИЙСТВО»
18.30 «ГОРОДСКАЯ ДУМА. ХРОНИКА, ДЕЛА, ЛЮДИ»
18.45 «ВКУС ЖИЗНИ»
19.00 «ДЖЕЙМИ У СЕБЯ ДОМА»
19.30 Т/С «ВЕЛИКОЛЕПНЫЙ ВЕК», 2 СЕЗОН
23.00 «ОДНА ЗА ВСЕХ»
00.30 Х/Ф «УКРАДЕННЫЕ ПОЦЕЛУИ»
03.40 Х/Ф «ХОТИТЕ - ЛЮБИТЕ, ХОТИТЕ - НЕТ»
04.50 Т/С «ДОКТОР КУИН, ЖЕНЩИНА-ВРАЧ»
★
6.00 Х/Ф «ЧУЖАЯ КОМПАНИЯ»
7.30 Х/Ф «ГОРОД МАСТЕРОВ»
9.00 Д/С «КРЫЛЬЯ РОССИИ»
10.00 «СЛУЖУ РОССИИ»
11.15 Д/С «ТАЙНЫ ЗАБЫТЫХ ПОБЕД»
12.05 Т/С «ТОНКАЯ ГРАНЬ»
13.00, 18.00 НОВОСТИ
13.15 Т/С «ТОНКАЯ ГРАНЬ»
16.55 Д/С «БИТВА ИМПЕРИЙ»
18.15 Т/С «ВЕЧНЫЙ ЗОВ»
01.05 Х/Ф «БЕЗ СРОКА ДАВНОСТИ. ДЕЛО ЛЕЙТЕНАНТА РУДЗЯНКО»
03.00 ЧЕМПИОНАТ РОССИИ ПО МИНИ-ФУТБОЛУ. СУПЕРЛИГА. ПЛЕЙ-ОФФ. 1/2. 4 МАТЧ
ОТВ
5.00 ДОКУМ. ФИЛЬМЫ
6.55 ПАТРУЛЬНЫЙ УЧАСТОК
7.25 «СОБЫТИЯ. АКЦЕНТ»
7.40 «ОБРАТНАЯ СТОРОНА ЗЕМЛИ»
8.00 МУЛЬТФИЛЬМЫ
8.45 «РЕЗОНАНС»
9.05 «ГУРМЭ»
9.25 «РЕЦЕПТ»
10.00 СКАЗКА «ТРИ ОРЕШКА ДЛЯ ЗОЛУШКИ»
11.35 «ВЫБИРАЙ УРАЛЬСКОЕ»
12.05 Х/Ф «ИЩИТЕ ЖЕНЩИНУ»
15.15 «ПРОКУРАТУРА. НА СТРАЖЕ ЗАКОНА»
15.35 «ЮВЕЛИРНАЯ ПРОГРАММА»
16.10 «КОМУ ОТЛИЧНЫЙ РЕМОНТ?!»
17.00 «НАЦИОНАЛЬНОЕ ИЗМЕРЕНИЕ»
17.30 «НАСЛЕДНИКИ УРАРТУ»
17.45 «ГОРНЫЕ ВЕСТИ»
18.00 «МЕГАДРОМ»
21.00 ПАТРУЛЬНЫЙ УЧАСТОК
21.30 «КАБИНЕТ МИНИСТРОВ»
22.00 «ВСЕ О ЖКХ. ИТОГИ»
22.30 «УРАЛ. ТРЕТИЙ ТАЙМ»
23.00 «СОБЫТИЯ. ИТОГИ НЕДЕЛИ»
23.55 «ЧЕТВЕРТАЯ ВЛАСТЬ»
00.25 Х/Ф «УНЕСЕННЫЕ ВЕТРОМ»
ТВ3
6.00 МУЛЬТФИЛЬМЫ
8.45 Х/Ф «ЧИПОЛЛИНО»
9.45 М/Ф «НИЖЕ НУЛЯ: БЭТМЕН И МИСТЕР ФРИЗ»
11.00 «УДИВИ МЕНЯ!»
13.00 Х/Ф «МЕТЕОР»
15.00 Х-ВЕРСИИ
16.00 Д/Ф «ГОРОДСКИЕ ЛЕГЕНДЫ»
17.00 «ПАРАЛЛЕЛЬНЫЙ МИР»
18.00 Х-ВЕРСИИ
19.00 Х/Ф «СМЕРЧ»
21.00 Х/Ф «КАК ТРУСЛИВЫЙ РОБЕРТ ФОРД УБИЛ ДЖЕССИ ДЖЕЙМСА»
00.15 Х/Ф «ПОСЕЙДОН»
03.30 Х/Ф «ДИТЯ С МАРСА»
За информацию, предоставленную телеканалами, редакция ответственности не несет. В телепрограмме возможны изменения.
